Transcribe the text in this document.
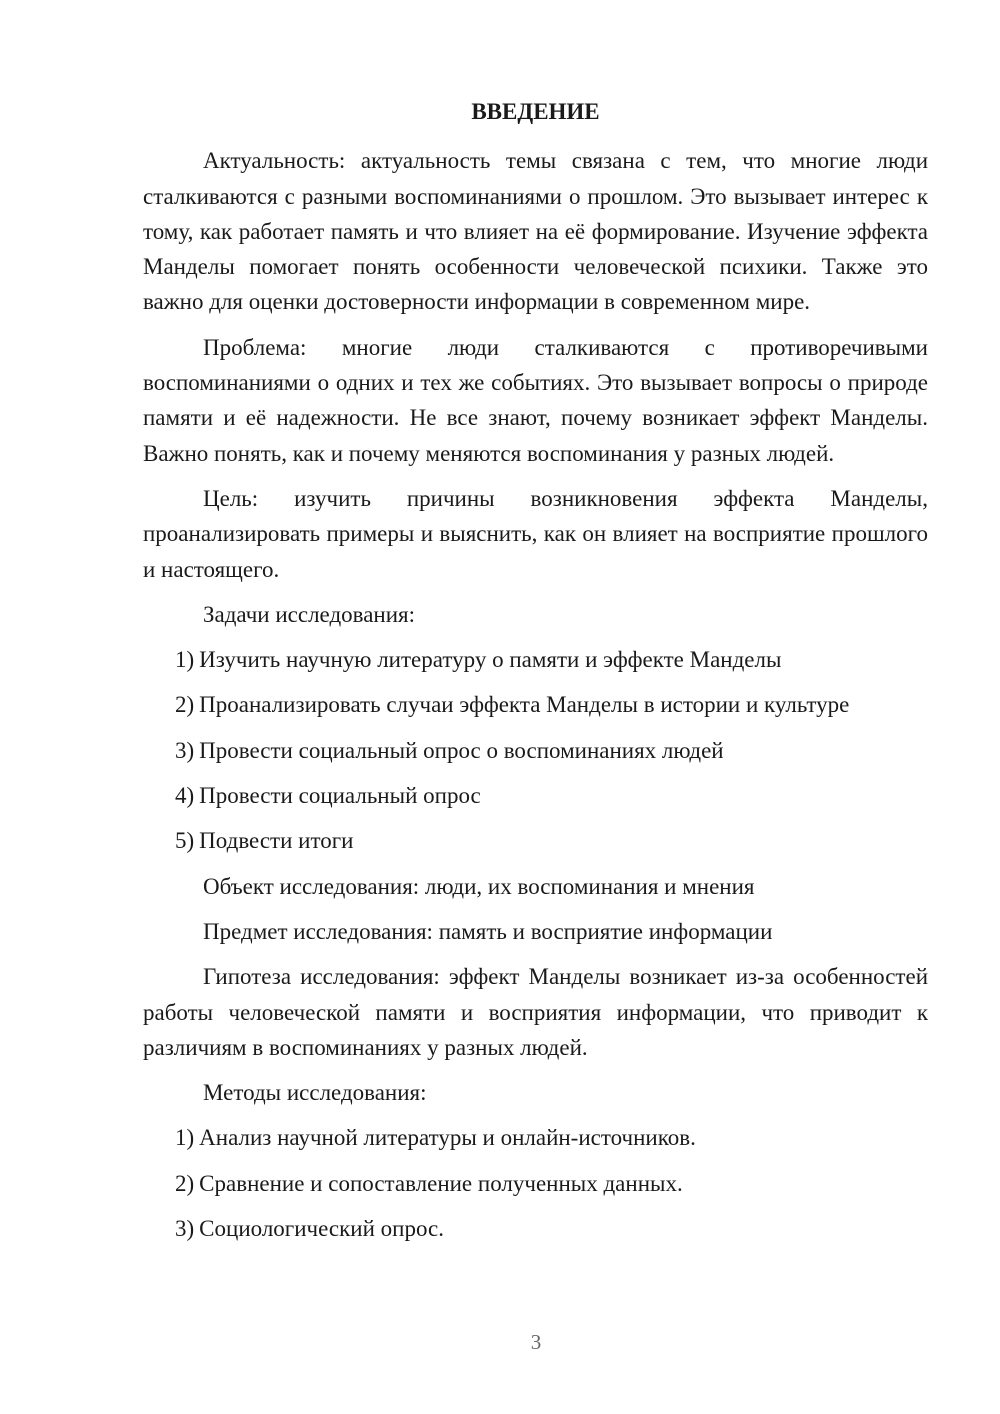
ВВЕДЕНИЕ

Актуальность: актуальность темы связана с тем, что многие люди сталкиваются с разными воспоминаниями о прошлом. Это вызывает интерес к тому, как работает память и что влияет на её формирование. Изучение эффекта Манделы помогает понять особенности человеческой психики. Также это важно для оценки достоверности информации в современном мире.

Проблема: многие люди сталкиваются с противоречивыми воспоминаниями о одних и тех же событиях. Это вызывает вопросы о природе памяти и её надежности. Не все знают, почему возникает эффект Манделы. Важно понять, как и почему меняются воспоминания у разных людей.

Цель: изучить причины возникновения эффекта Манделы, проанализировать примеры и выяснить, как он влияет на восприятие прошлого и настоящего.

Задачи исследования:
1) Изучить научную литературу о памяти и эффекте Манделы
2) Проанализировать случаи эффекта Манделы в истории и культуре
3) Провести социальный опрос о воспоминаниях людей
4) Провести социальный опрос
5) Подвести итоги
Объект исследования: люди, их воспоминания и мнения
Предмет исследования: память и восприятие информации

Гипотеза исследования: эффект Манделы возникает из-за особенностей работы человеческой памяти и восприятия информации, что приводит к различиям в воспоминаниях у разных людей.

Методы исследования:
1) Анализ научной литературы и онлайн-источников.
2) Сравнение и сопоставление полученных данных.
3) Социологический опрос.
3
